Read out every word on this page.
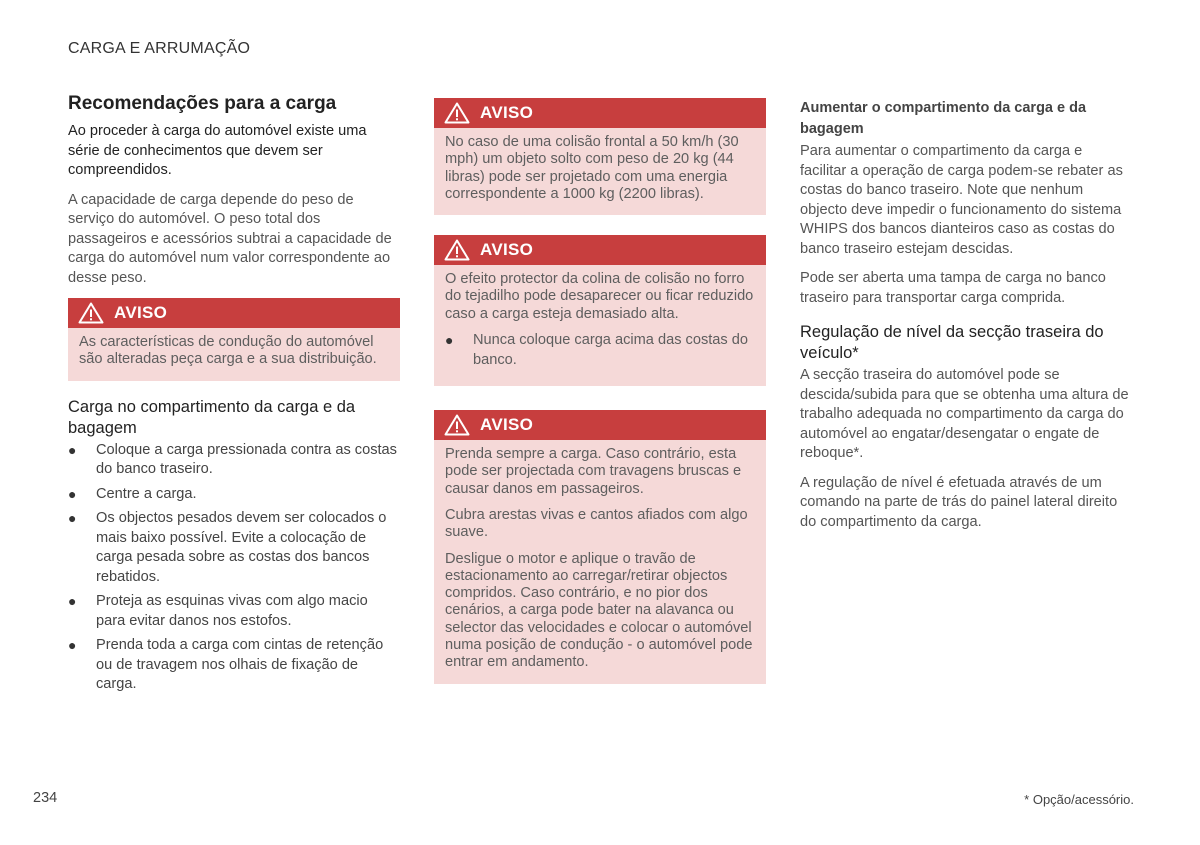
CARGA E ARRUMAÇÃO
Recomendações para a carga

Ao proceder à carga do automóvel existe uma série de conhecimentos que devem ser compreendidos.

A capacidade de carga depende do peso de serviço do automóvel. O peso total dos passageiros e acessórios subtrai a capacidade de carga do automóvel num valor correspondente ao desse peso.

AVISO

As características de condução do automóvel são alteradas peça carga e a sua distribuição.

Carga no compartimento da carga e da bagagem
● Coloque a carga pressionada contra as costas do banco traseiro.
● Centre a carga.
● Os objectos pesados devem ser colocados o mais baixo possível. Evite a colocação de carga pesada sobre as costas dos bancos rebatidos.
● Proteja as esquinas vivas com algo macio para evitar danos nos estofos.
● Prenda toda a carga com cintas de retenção ou de travagem nos olhais de fixação de carga.
AVISO

No caso de uma colisão frontal a 50 km/h (30 mph) um objeto solto com peso de 20 kg (44 libras) pode ser projetado com uma energia correspondente a 1000 kg (2200 libras).

AVISO

O efeito protector da colina de colisão no forro do tejadilho pode desaparecer ou ficar reduzido caso a carga esteja demasiado alta.

● Nunca coloque carga acima das costas do banco.
AVISO

Prenda sempre a carga. Caso contrário, esta pode ser projectada com travagens bruscas e causar danos em passageiros.

Cubra arestas vivas e cantos afiados com algo suave.

Desligue o motor e aplique o travão de estacionamento ao carregar/retirar objectos compridos. Caso contrário, e no pior dos cenários, a carga pode bater na alavanca ou selector das velocidades e colocar o automóvel numa posição de condução - o automóvel pode entrar em andamento.

Aumentar o compartimento da carga e da bagagem

Para aumentar o compartimento da carga e facilitar a operação de carga podem-se rebater as costas do banco traseiro. Note que nenhum objecto deve impedir o funcionamento do sistema WHIPS dos bancos dianteiros caso as costas do banco traseiro estejam descidas.

Pode ser aberta uma tampa de carga no banco traseiro para transportar carga comprida.

Regulação de nível da secção traseira do veículo*

A secção traseira do automóvel pode se descida/subida para que se obtenha uma altura de trabalho adequada no compartimento da carga do automóvel ao engatar/desengatar o engate de reboque*.

A regulação de nível é efetuada através de um comando na parte de trás do painel lateral direito do compartimento da carga.

234	* Opção/acessório.
